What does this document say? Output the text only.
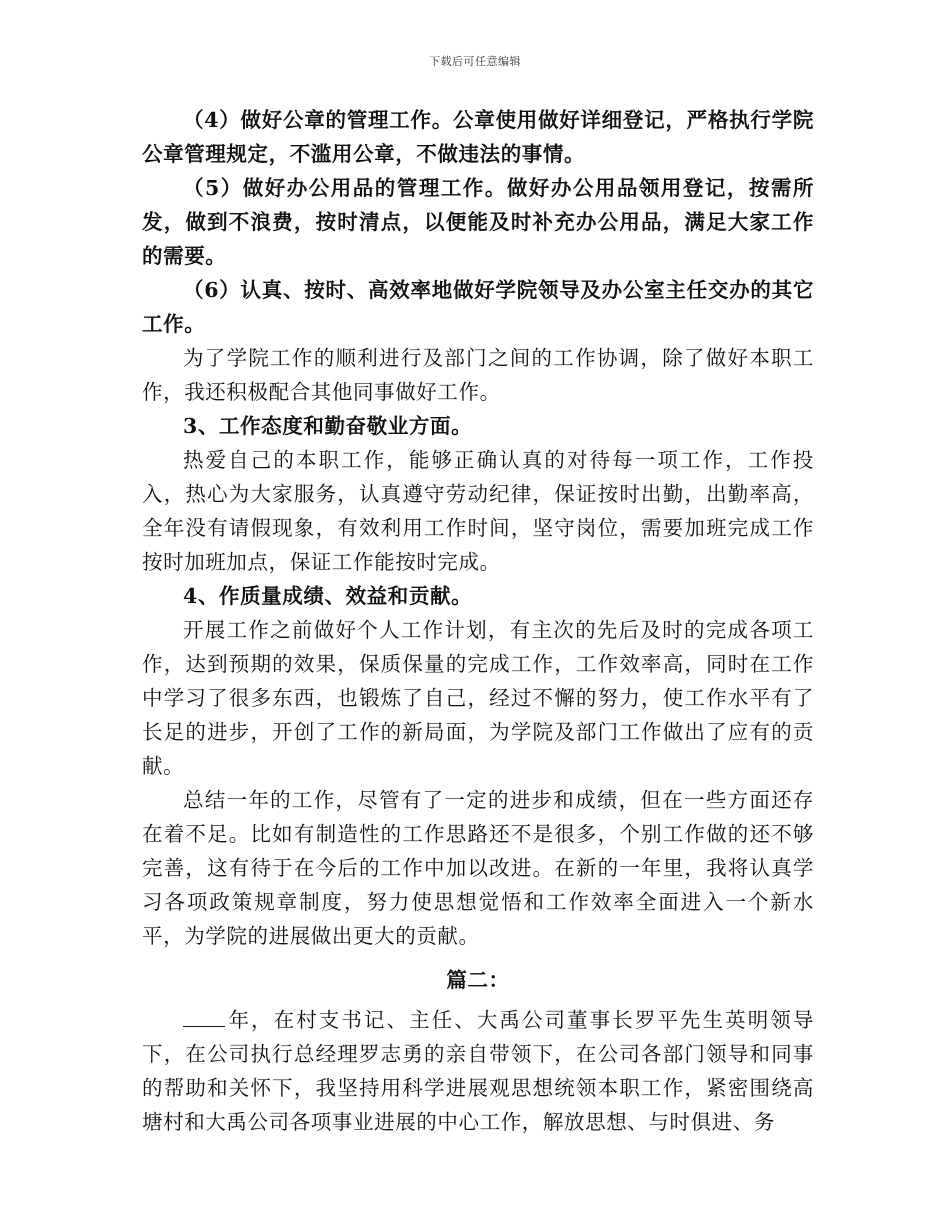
下载后可任意编辑

（4）做好公章的管理工作。公章使用做好详细登记，严格执行学院公章管理规定，不滥用公章，不做违法的事情。

（5）做好办公用品的管理工作。做好办公用品领用登记，按需所发，做到不浪费，按时清点，以便能及时补充办公用品，满足大家工作的需要。

（6）认真、按时、高效率地做好学院领导及办公室主任交办的其它工作。

为了学院工作的顺利进行及部门之间的工作协调，除了做好本职工作，我还积极配合其他同事做好工作。

3、工作态度和勤奋敬业方面。

热爱自己的本职工作，能够正确认真的对待每一项工作，工作投入，热心为大家服务，认真遵守劳动纪律，保证按时出勤，出勤率高，全年没有请假现象，有效利用工作时间，坚守岗位，需要加班完成工作按时加班加点，保证工作能按时完成。

4、作质量成绩、效益和贡献。

开展工作之前做好个人工作计划，有主次的先后及时的完成各项工作，达到预期的效果，保质保量的完成工作，工作效率高，同时在工作中学习了很多东西，也锻炼了自己，经过不懈的努力，使工作水平有了长足的进步，开创了工作的新局面，为学院及部门工作做出了应有的贡献。

总结一年的工作，尽管有了一定的进步和成绩，但在一些方面还存在着不足。比如有制造性的工作思路还不是很多，个别工作做的还不够完善，这有待于在今后的工作中加以改进。在新的一年里，我将认真学习各项政策规章制度，努力使思想觉悟和工作效率全面进入一个新水平，为学院的进展做出更大的贡献。

篇二：

年，在村支书记、主任、大禹公司董事长罗平先生英明领导下，在公司执行总经理罗志勇的亲自带领下，在公司各部门领导和同事的帮助和关怀下，我坚持用科学进展观思想统领本职工作，紧密围绕高塘村和大禹公司各项事业进展的中心工作，解放思想、与时俱进、务
